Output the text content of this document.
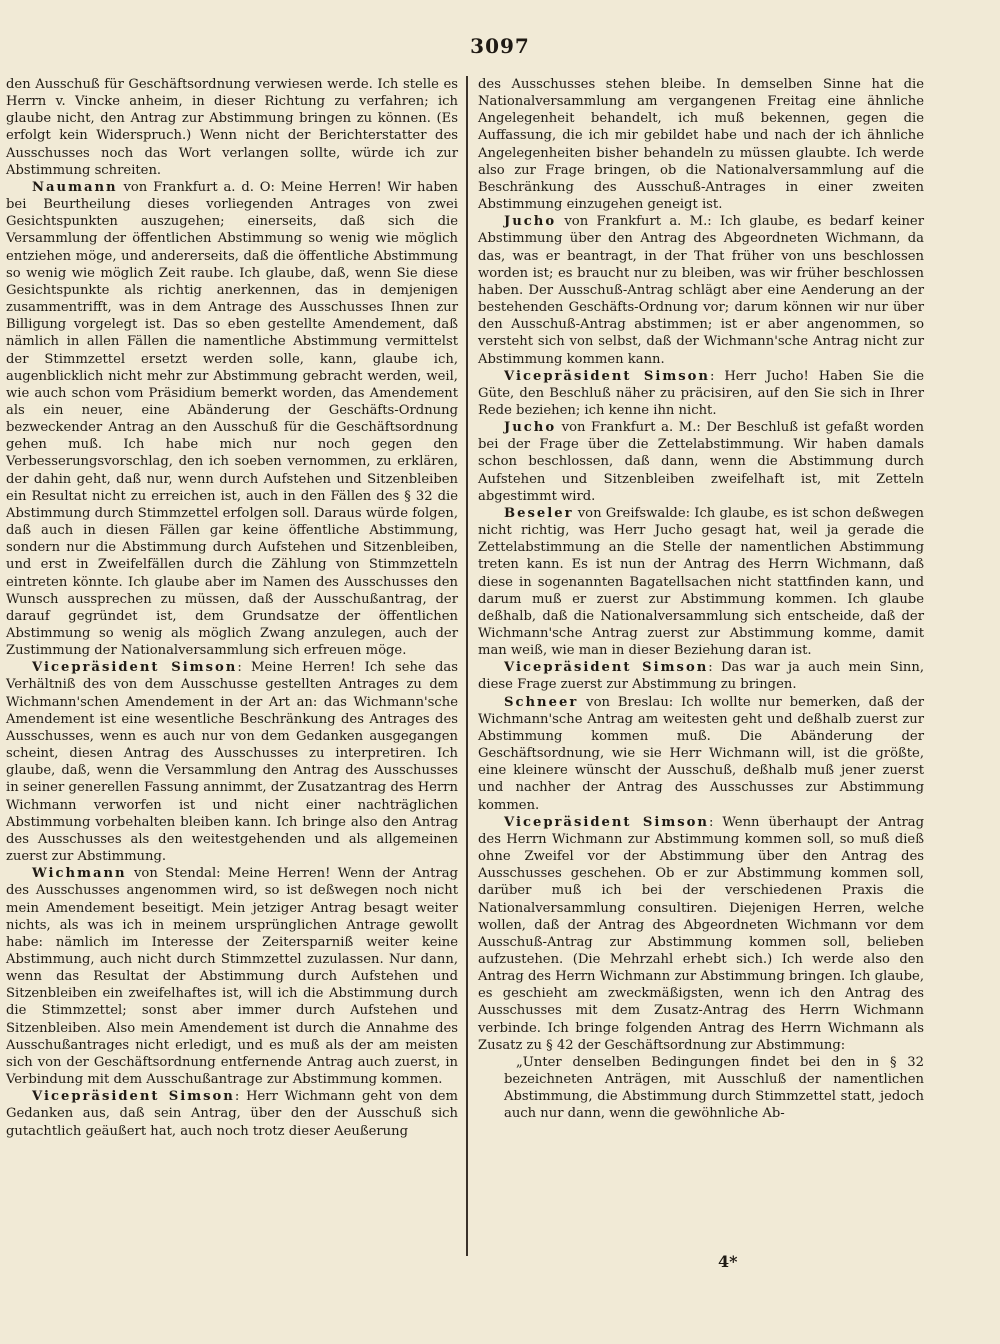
3097

den Ausschuß für Geschäftsordnung verwiesen werde. Ich stelle es Herrn v. Vincke anheim, in dieser Richtung zu verfahren; ich glaube nicht, den Antrag zur Abstimmung bringen zu können. (Es erfolgt kein Widerspruch.) Wenn nicht der Berichterstatter des Ausschusses noch das Wort verlangen sollte, würde ich zur Abstimmung schreiten.

Naumann von Frankfurt a. d. O: Meine Herren! Wir haben bei Beurtheilung dieses vorliegenden Antrages von zwei Gesichtspunkten auszugehen; einerseits, daß sich die Versammlung der öffentlichen Abstimmung so wenig wie möglich entziehen möge, und andererseits, daß die öffentliche Abstimmung so wenig wie möglich Zeit raube. Ich glaube, daß, wenn Sie diese Gesichtspunkte als richtig anerkennen, das in demjenigen zusammentrifft, was in dem Antrage des Ausschusses Ihnen zur Billigung vorgelegt ist. Das so eben gestellte Amendement, daß nämlich in allen Fällen die namentliche Abstimmung vermittelst der Stimmzettel ersetzt werden solle, kann, glaube ich, augenblicklich nicht mehr zur Abstimmung gebracht werden, weil, wie auch schon vom Präsidium bemerkt worden, das Amendement als ein neuer, eine Abänderung der Geschäfts-Ordnung bezweckender Antrag an den Ausschuß für die Geschäftsordnung gehen muß. Ich habe mich nur noch gegen den Verbesserungsvorschlag, den ich soeben vernommen, zu erklären, der dahin geht, daß nur, wenn durch Aufstehen und Sitzenbleiben ein Resultat nicht zu erreichen ist, auch in den Fällen des § 32 die Abstimmung durch Stimmzettel erfolgen soll. Daraus würde folgen, daß auch in diesen Fällen gar keine öffentliche Abstimmung, sondern nur die Abstimmung durch Aufstehen und Sitzenbleiben, und erst in Zweifelfällen durch die Zählung von Stimmzetteln eintreten könnte. Ich glaube aber im Namen des Ausschusses den Wunsch aussprechen zu müssen, daß der Ausschußantrag, der darauf gegründet ist, dem Grundsatze der öffentlichen Abstimmung so wenig als möglich Zwang anzulegen, auch der Zustimmung der Nationalversammlung sich erfreuen möge.

Vicepräsident Simson: Meine Herren! Ich sehe das Verhältniß des von dem Ausschusse gestellten Antrages zu dem Wichmann'schen Amendement in der Art an: das Wichmann'sche Amendement ist eine wesentliche Beschränkung des Antrages des Ausschusses, wenn es auch nur von dem Gedanken ausgegangen scheint, diesen Antrag des Ausschusses zu interpretiren. Ich glaube, daß, wenn die Versammlung den Antrag des Ausschusses in seiner generellen Fassung annimmt, der Zusatzantrag des Herrn Wichmann verworfen ist und nicht einer nachträglichen Abstimmung vorbehalten bleiben kann. Ich bringe also den Antrag des Ausschusses als den weitestgehenden und als allgemeinen zuerst zur Abstimmung.

Wichmann von Stendal: Meine Herren! Wenn der Antrag des Ausschusses angenommen wird, so ist deßwegen noch nicht mein Amendement beseitigt. Mein jetziger Antrag besagt weiter nichts, als was ich in meinem ursprünglichen Antrage gewollt habe: nämlich im Interesse der Zeitersparniß weiter keine Abstimmung, auch nicht durch Stimmzettel zuzulassen. Nur dann, wenn das Resultat der Abstimmung durch Aufstehen und Sitzenbleiben ein zweifelhaftes ist, will ich die Abstimmung durch die Stimmzettel; sonst aber immer durch Aufstehen und Sitzenbleiben. Also mein Amendement ist durch die Annahme des Ausschußantrages nicht erledigt, und es muß als der am meisten sich von der Geschäftsordnung entfernende Antrag auch zuerst, in Verbindung mit dem Ausschußantrage zur Abstimmung kommen.

Vicepräsident Simson: Herr Wichmann geht von dem Gedanken aus, daß sein Antrag, über den der Ausschuß sich gutachtlich geäußert hat, auch noch trotz dieser Aeußerung

des Ausschusses stehen bleibe. In demselben Sinne hat die Nationalversammlung am vergangenen Freitag eine ähnliche Angelegenheit behandelt, ich muß bekennen, gegen die Auffassung, die ich mir gebildet habe und nach der ich ähnliche Angelegenheiten bisher behandeln zu müssen glaubte. Ich werde also zur Frage bringen, ob die Nationalversammlung auf die Beschränkung des Ausschuß-Antrages in einer zweiten Abstimmung einzugehen geneigt ist.

Jucho von Frankfurt a. M.: Ich glaube, es bedarf keiner Abstimmung über den Antrag des Abgeordneten Wichmann, da das, was er beantragt, in der That früher von uns beschlossen worden ist; es braucht nur zu bleiben, was wir früher beschlossen haben. Der Ausschuß-Antrag schlägt aber eine Aenderung an der bestehenden Geschäfts-Ordnung vor; darum können wir nur über den Ausschuß-Antrag abstimmen; ist er aber angenommen, so versteht sich von selbst, daß der Wichmann'sche Antrag nicht zur Abstimmung kommen kann.

Vicepräsident Simson: Herr Jucho! Haben Sie die Güte, den Beschluß näher zu präcisiren, auf den Sie sich in Ihrer Rede beziehen; ich kenne ihn nicht.

Jucho von Frankfurt a. M.: Der Beschluß ist gefaßt worden bei der Frage über die Zettelabstimmung. Wir haben damals schon beschlossen, daß dann, wenn die Abstimmung durch Aufstehen und Sitzenbleiben zweifelhaft ist, mit Zetteln abgestimmt wird.

Beseler von Greifswalde: Ich glaube, es ist schon deßwegen nicht richtig, was Herr Jucho gesagt hat, weil ja gerade die Zettelabstimmung an die Stelle der namentlichen Abstimmung treten kann. Es ist nun der Antrag des Herrn Wichmann, daß diese in sogenannten Bagatellsachen nicht stattfinden kann, und darum muß er zuerst zur Abstimmung kommen. Ich glaube deßhalb, daß die Nationalversammlung sich entscheide, daß der Wichmann'sche Antrag zuerst zur Abstimmung komme, damit man weiß, wie man in dieser Beziehung daran ist.

Vicepräsident Simson: Das war ja auch mein Sinn, diese Frage zuerst zur Abstimmung zu bringen.

Schneer von Breslau: Ich wollte nur bemerken, daß der Wichmann'sche Antrag am weitesten geht und deßhalb zuerst zur Abstimmung kommen muß. Die Abänderung der Geschäftsordnung, wie sie Herr Wichmann will, ist die größte, eine kleinere wünscht der Ausschuß, deßhalb muß jener zuerst und nachher der Antrag des Ausschusses zur Abstimmung kommen.

Vicepräsident Simson: Wenn überhaupt der Antrag des Herrn Wichmann zur Abstimmung kommen soll, so muß dieß ohne Zweifel vor der Abstimmung über den Antrag des Ausschusses geschehen. Ob er zur Abstimmung kommen soll, darüber muß ich bei der verschiedenen Praxis die Nationalversammlung consultiren. Diejenigen Herren, welche wollen, daß der Antrag des Abgeordneten Wichmann vor dem Ausschuß-Antrag zur Abstimmung kommen soll, belieben aufzustehen. (Die Mehrzahl erhebt sich.) Ich werde also den Antrag des Herrn Wichmann zur Abstimmung bringen. Ich glaube, es geschieht am zweckmäßigsten, wenn ich den Antrag des Ausschusses mit dem Zusatz-Antrag des Herrn Wichmann verbinde. Ich bringe folgenden Antrag des Herrn Wichmann als Zusatz zu § 42 der Geschäftsordnung zur Abstimmung:

„Unter denselben Bedingungen findet bei den in § 32 bezeichneten Anträgen, mit Ausschluß der namentlichen Abstimmung, die Abstimmung durch Stimmzettel statt, jedoch auch nur dann, wenn die gewöhnliche Ab-

4*
